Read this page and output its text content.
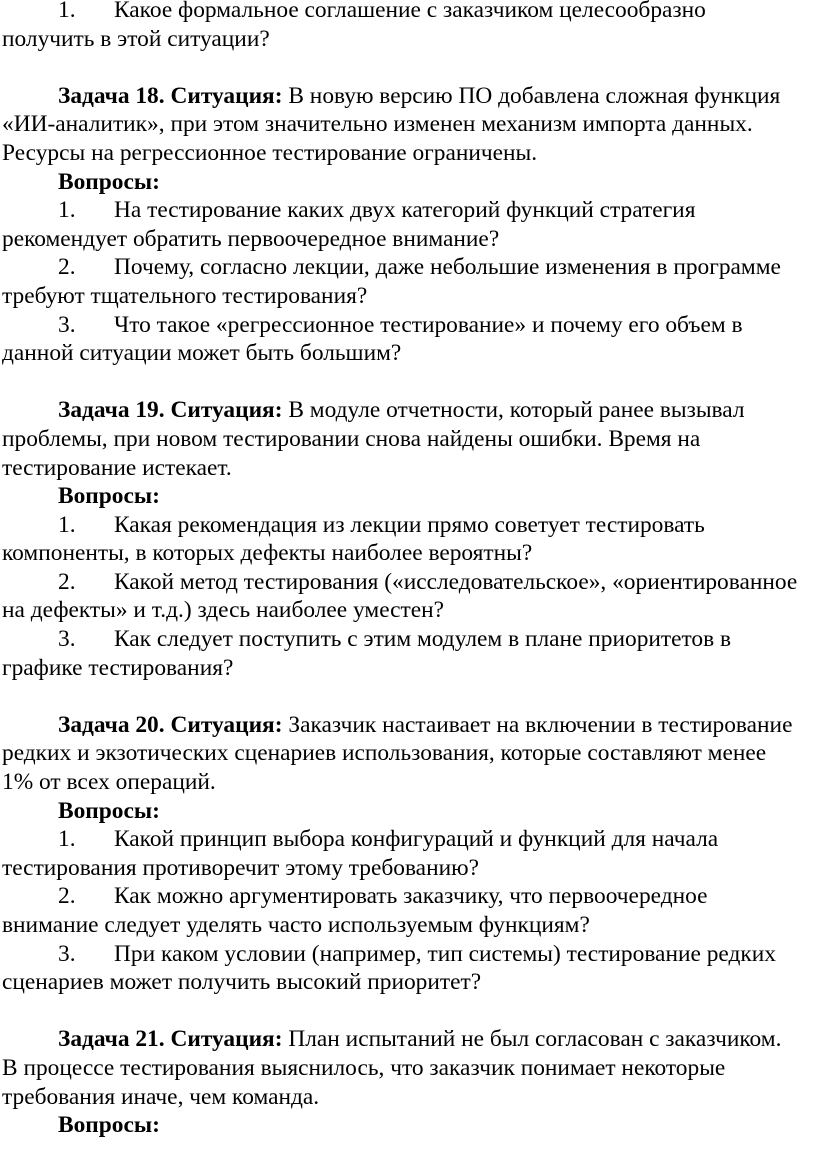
1. Какое формальное соглашение с заказчиком целесообразно получить в этой ситуации?

Задача 18. Ситуация: В новую версию ПО добавлена сложная функция «ИИ-аналитик», при этом значительно изменен механизм импорта данных. Ресурсы на регрессионное тестирование ограничены.

Вопросы:

1. На тестирование каких двух категорий функций стратегия рекомендует обратить первоочередное внимание?

2. Почему, согласно лекции, даже небольшие изменения в программе требуют тщательного тестирования?

3. Что такое «регрессионное тестирование» и почему его объем в данной ситуации может быть большим?

Задача 19. Ситуация: В модуле отчетности, который ранее вызывал проблемы, при новом тестировании снова найдены ошибки. Время на тестирование истекает.

Вопросы:

1. Какая рекомендация из лекции прямо советует тестировать компоненты, в которых дефекты наиболее вероятны?

2. Какой метод тестирования («исследовательское», «ориентированное на дефекты» и т.д.) здесь наиболее уместен?

3. Как следует поступить с этим модулем в плане приоритетов в графике тестирования?

Задача 20. Ситуация: Заказчик настаивает на включении в тестирование редких и экзотических сценариев использования, которые составляют менее 1% от всех операций.

Вопросы:

1. Какой принцип выбора конфигураций и функций для начала тестирования противоречит этому требованию?

2. Как можно аргументировать заказчику, что первоочередное внимание следует уделять часто используемым функциям?

3. При каком условии (например, тип системы) тестирование редких сценариев может получить высокий приоритет?

Задача 21. Ситуация: План испытаний не был согласован с заказчиком. В процессе тестирования выяснилось, что заказчик понимает некоторые требования иначе, чем команда.

Вопросы:
